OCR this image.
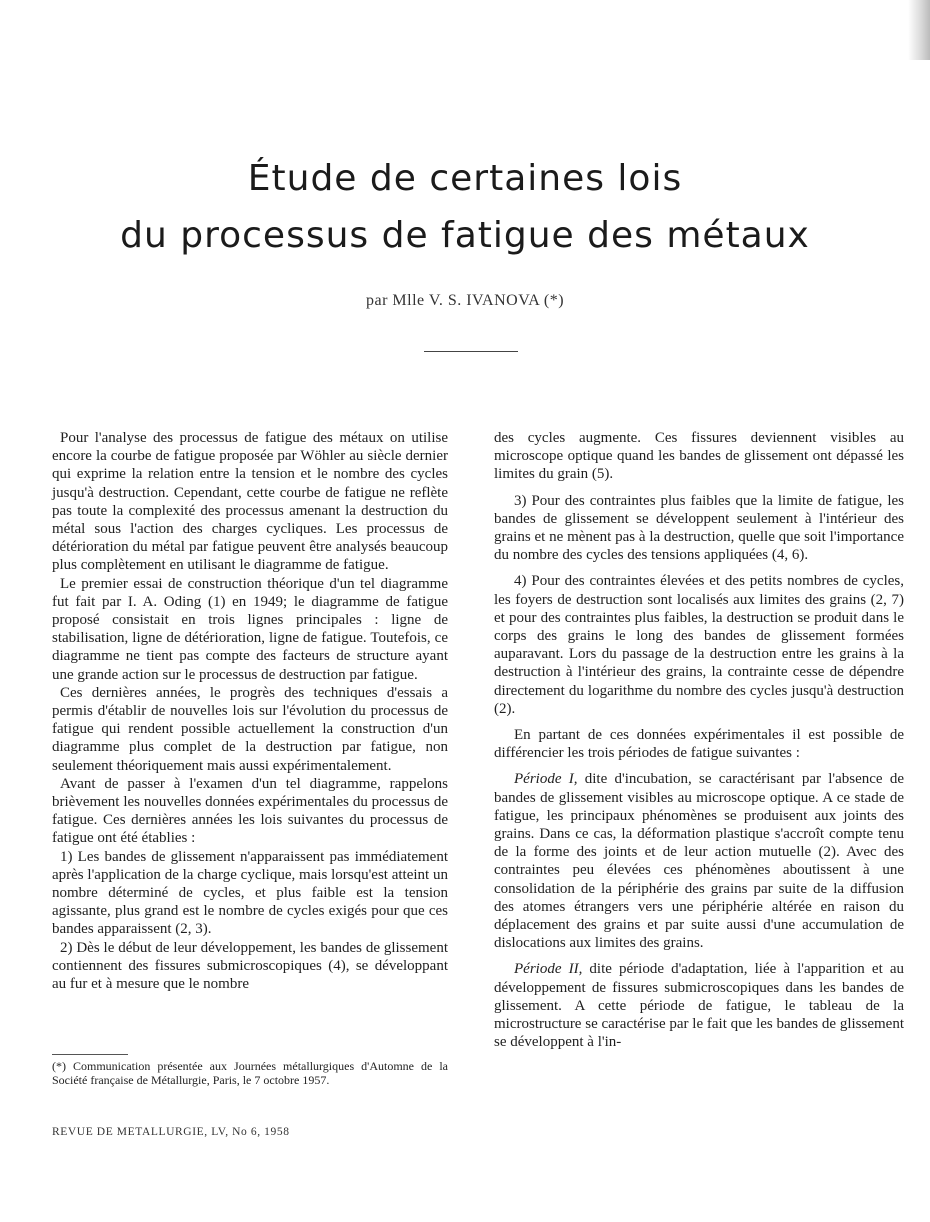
Étude de certaines lois
du processus de fatigue des métaux
par Mlle V. S. IVANOVA (*)

Pour l'analyse des processus de fatigue des métaux on utilise encore la courbe de fatigue proposée par Wöhler au siècle dernier qui exprime la relation entre la tension et le nombre des cycles jusqu'à destruction. Cependant, cette courbe de fatigue ne reflète pas toute la complexité des processus amenant la destruction du métal sous l'action des charges cycliques. Les processus de détérioration du métal par fatigue peuvent être analysés beaucoup plus complètement en utilisant le diagramme de fatigue.

Le premier essai de construction théorique d'un tel diagramme fut fait par I. A. Oding (1) en 1949; le diagramme de fatigue proposé consistait en trois lignes principales : ligne de stabilisation, ligne de détérioration, ligne de fatigue. Toutefois, ce diagramme ne tient pas compte des facteurs de structure ayant une grande action sur le processus de destruction par fatigue.

Ces dernières années, le progrès des techniques d'essais a permis d'établir de nouvelles lois sur l'évolution du processus de fatigue qui rendent possible actuellement la construction d'un diagramme plus complet de la destruction par fatigue, non seulement théoriquement mais aussi expérimentalement.

Avant de passer à l'examen d'un tel diagramme, rappelons brièvement les nouvelles données expérimentales du processus de fatigue. Ces dernières années les lois suivantes du processus de fatigue ont été établies :

1) Les bandes de glissement n'apparaissent pas immédiatement après l'application de la charge cyclique, mais lorsqu'est atteint un nombre déterminé de cycles, et plus faible est la tension agissante, plus grand est le nombre de cycles exigés pour que ces bandes apparaissent (2, 3).

2) Dès le début de leur développement, les bandes de glissement contiennent des fissures submicroscopiques (4), se développant au fur et à mesure que le nombre

des cycles augmente. Ces fissures deviennent visibles au microscope optique quand les bandes de glissement ont dépassé les limites du grain (5).

3) Pour des contraintes plus faibles que la limite de fatigue, les bandes de glissement se développent seulement à l'intérieur des grains et ne mènent pas à la destruction, quelle que soit l'importance du nombre des cycles des tensions appliquées (4, 6).

4) Pour des contraintes élevées et des petits nombres de cycles, les foyers de destruction sont localisés aux limites des grains (2, 7) et pour des contraintes plus faibles, la destruction se produit dans le corps des grains le long des bandes de glissement formées auparavant. Lors du passage de la destruction entre les grains à la destruction à l'intérieur des grains, la contrainte cesse de dépendre directement du logarithme du nombre des cycles jusqu'à destruction (2).

En partant de ces données expérimentales il est possible de différencier les trois périodes de fatigue suivantes :

Période I, dite d'incubation, se caractérisant par l'absence de bandes de glissement visibles au microscope optique. A ce stade de fatigue, les principaux phénomènes se produisent aux joints des grains. Dans ce cas, la déformation plastique s'accroît compte tenu de la forme des joints et de leur action mutuelle (2). Avec des contraintes peu élevées ces phénomènes aboutissent à une consolidation de la périphérie des grains par suite de la diffusion des atomes étrangers vers une périphérie altérée en raison du déplacement des grains et par suite aussi d'une accumulation de dislocations aux limites des grains.

Période II, dite période d'adaptation, liée à l'apparition et au développement de fissures submicroscopiques dans les bandes de glissement. A cette période de fatigue, le tableau de la microstructure se caractérise par le fait que les bandes de glissement se développent à l'in-

(*) Communication présentée aux Journées métallurgiques d'Automne de la Société française de Métallurgie, Paris, le 7 octobre 1957.
REVUE DE METALLURGIE, LV, No 6, 1958
